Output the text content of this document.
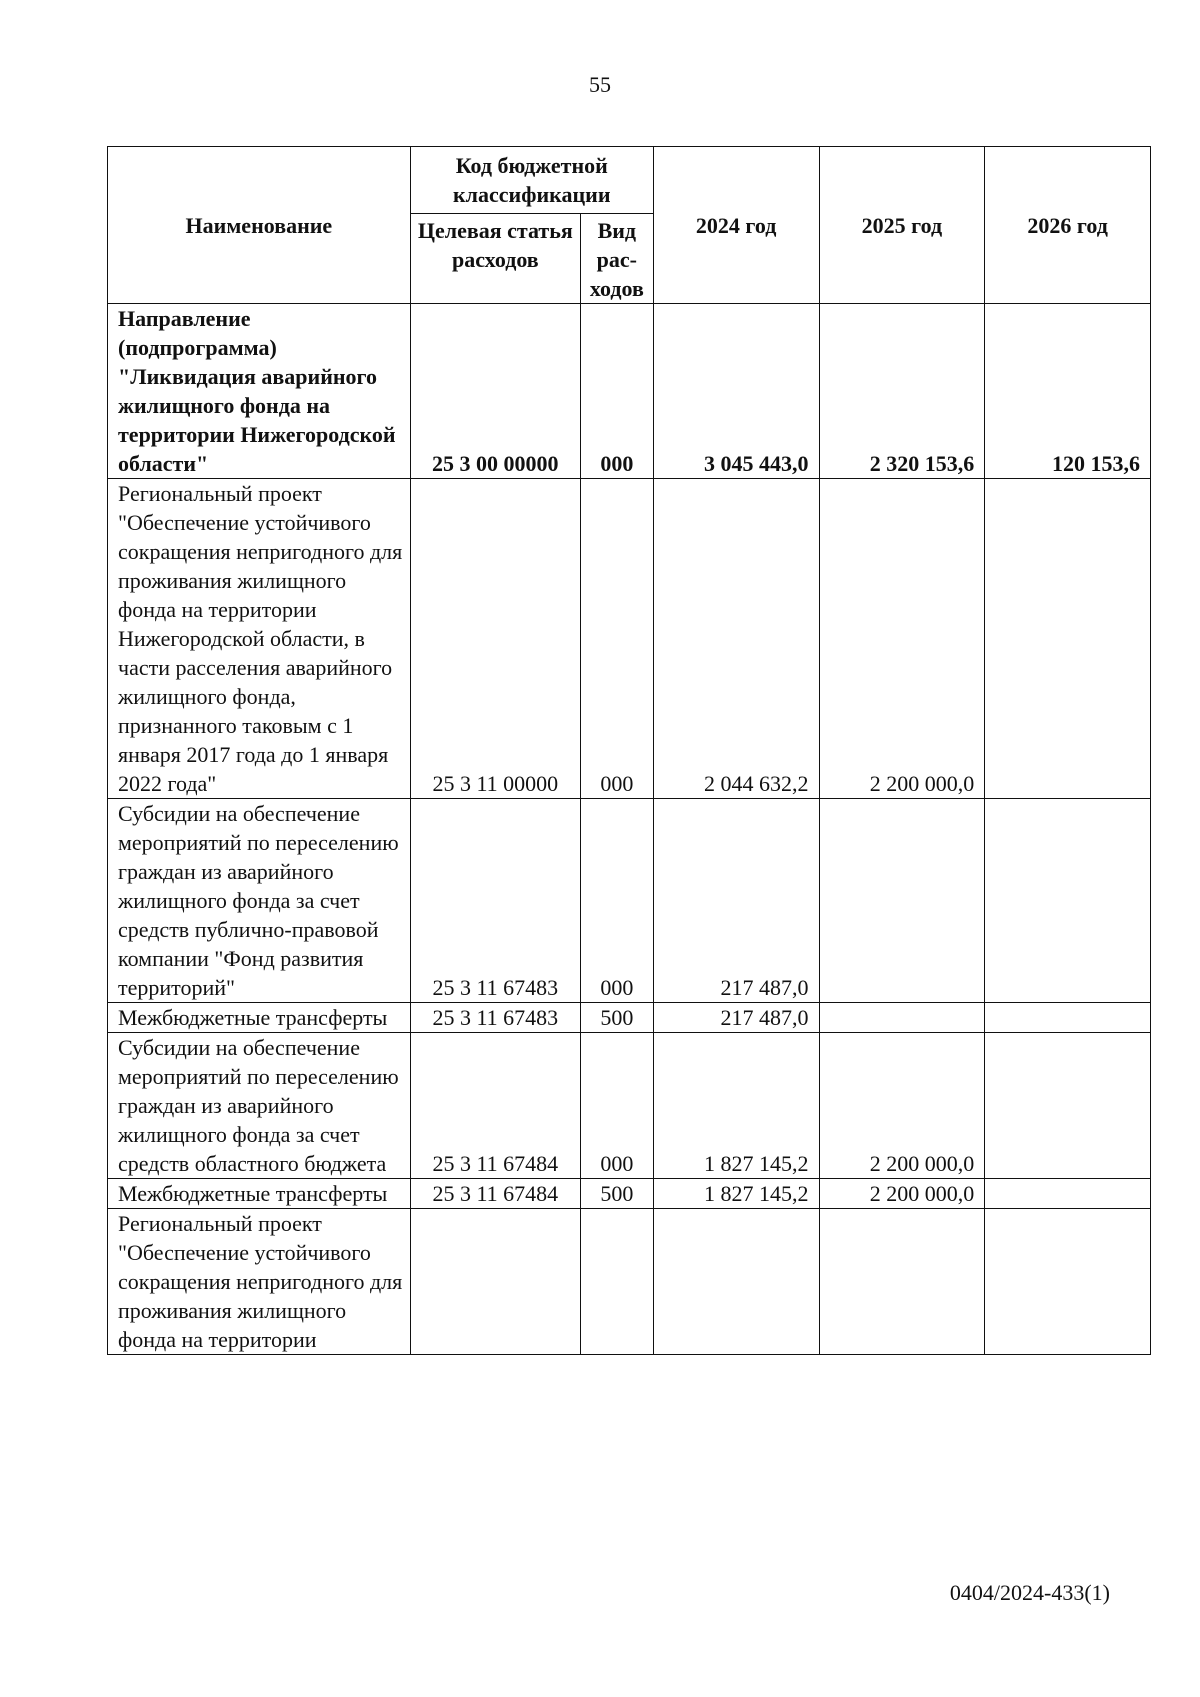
55
Наименование	Код бюджетной классификации		2024 год	2025 год	2026 год
	Целевая статья расходов	Вид рас-ходов			
Направление (подпрограмма) "Ликвидация аварийного жилищного фонда на территории Нижегородской области"	25 3 00 00000	000	3 045 443,0	2 320 153,6	120 153,6
Региональный проект "Обеспечение устойчивого сокращения непригодного для проживания жилищного фонда на территории Нижегородской области, в части расселения аварийного жилищного фонда, признанного таковым с 1 января 2017 года до 1 января 2022 года"	25 3 11 00000	000	2 044 632,2	2 200 000,0	
Субсидии на обеспечение мероприятий по переселению граждан из аварийного жилищного фонда за счет средств публично-правовой компании "Фонд развития территорий"	25 3 11 67483	000	217 487,0		
Межбюджетные трансферты	25 3 11 67483	500	217 487,0		
Субсидии на обеспечение мероприятий по переселению граждан из аварийного жилищного фонда за счет средств областного бюджета	25 3 11 67484	000	1 827 145,2	2 200 000,0	
Межбюджетные трансферты	25 3 11 67484	500	1 827 145,2	2 200 000,0	
Региональный проект "Обеспечение устойчивого сокращения непригодного для проживания жилищного фонда на территории					
0404/2024-433(1)
